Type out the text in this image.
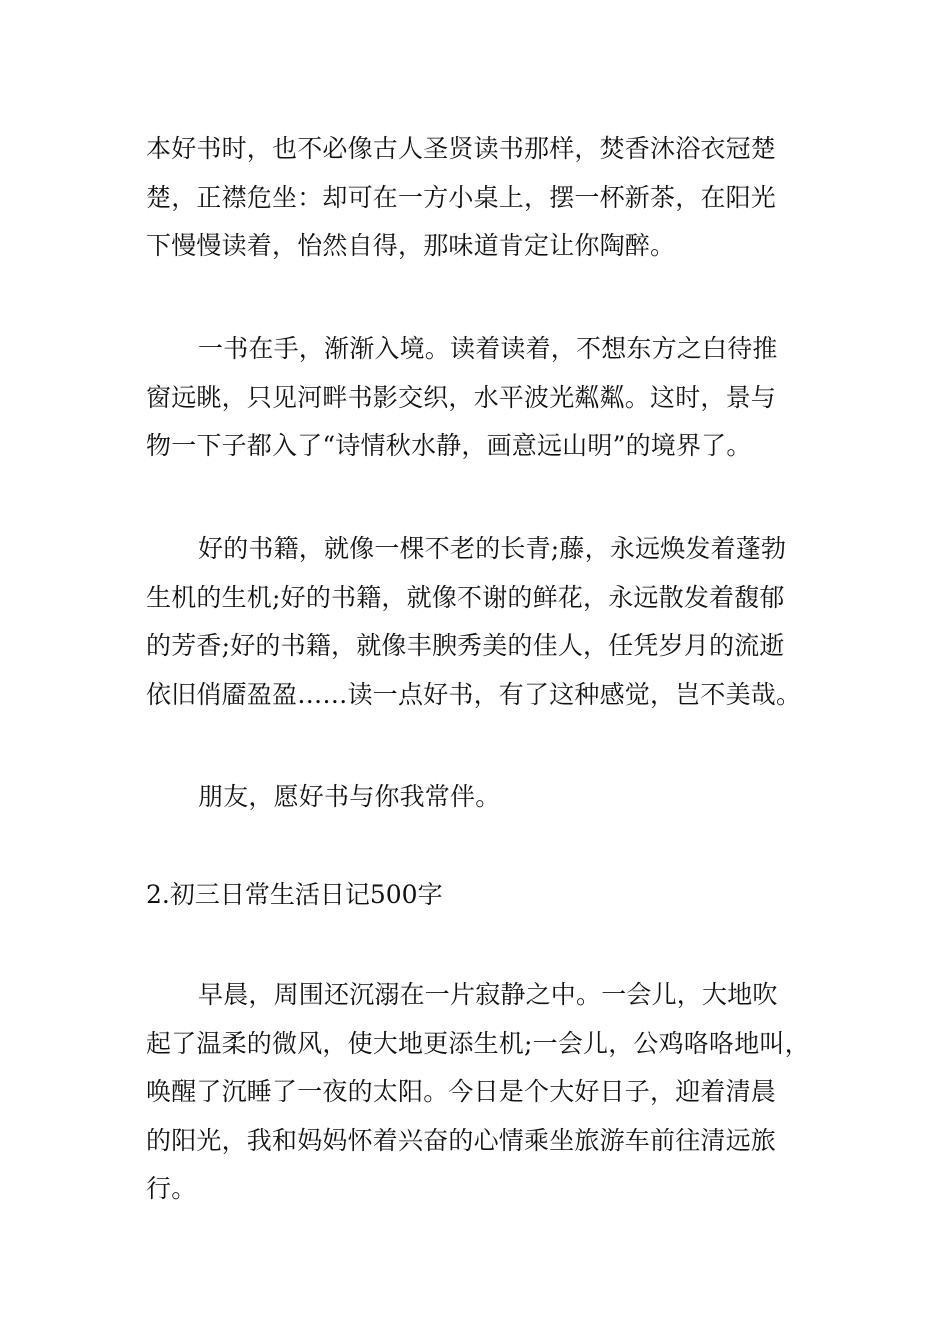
本好书时，也不必像古人圣贤读书那样，焚香沐浴衣冠楚
楚，正襟危坐：却可在一方小桌上，摆一杯新茶，在阳光
下慢慢读着，怡然自得，那味道肯定让你陶醉。

一书在手，渐渐入境。读着读着，不想东方之白待推
窗远眺，只见河畔书影交织，水平波光粼粼。这时，景与
物一下子都入了“诗情秋水静，画意远山明”的境界了。

好的书籍，就像一棵不老的长青;藤，永远焕发着蓬勃
生机的生机;好的书籍，就像不谢的鲜花，永远散发着馥郁
的芳香;好的书籍，就像丰腴秀美的佳人，任凭岁月的流逝
依旧俏靥盈盈……读一点好书，有了这种感觉，岂不美哉。

朋友，愿好书与你我常伴。

2.初三日常生活日记500字

早晨，周围还沉溺在一片寂静之中。一会儿，大地吹
起了温柔的微风，使大地更添生机;一会儿，公鸡咯咯地叫，
唤醒了沉睡了一夜的太阳。今日是个大好日子，迎着清晨
的阳光，我和妈妈怀着兴奋的心情乘坐旅游车前往清远旅
行。
